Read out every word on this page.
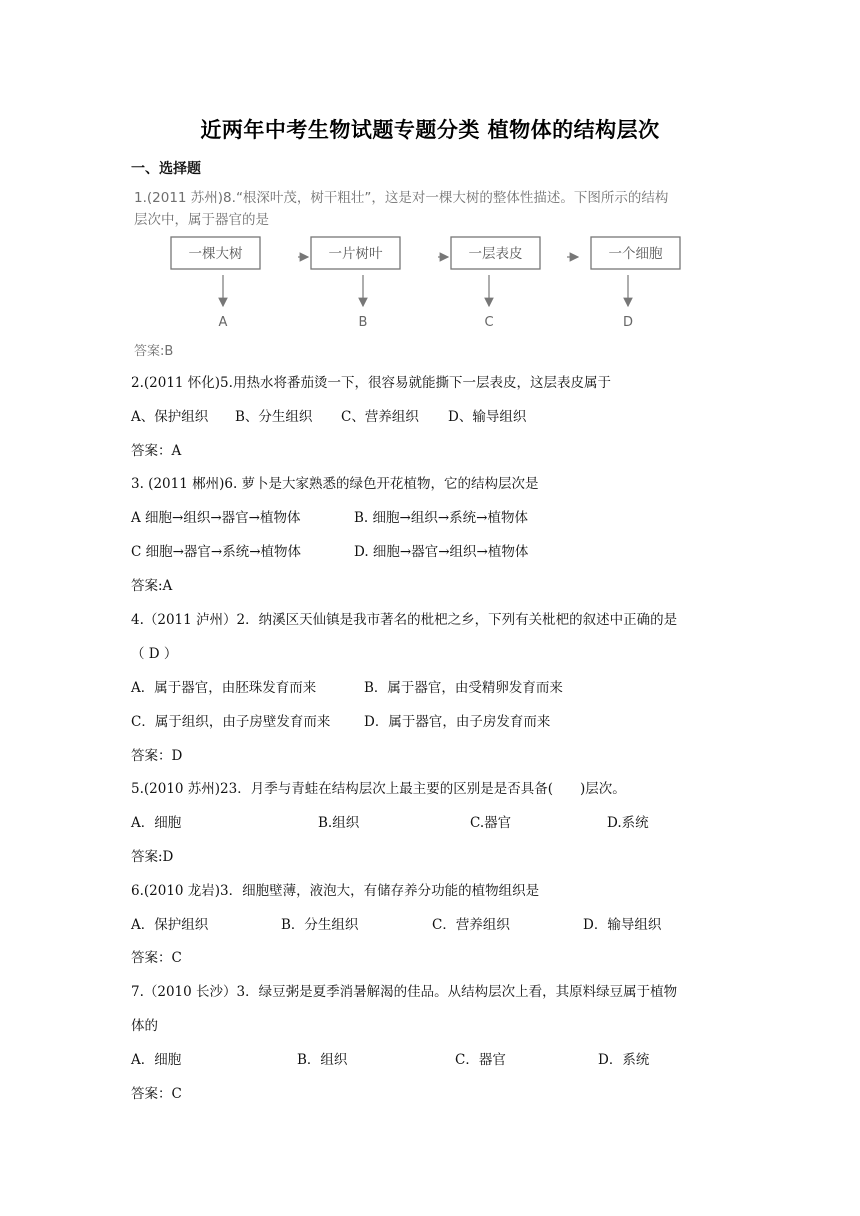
近两年中考生物试题专题分类 植物体的结构层次
一、选择题
1.(2011 苏州)8.“根深叶茂，树干粗壮”，这是对一棵大树的整体性描述。下图所示的结构
层次中，属于器官的是
一棵大树	一片树叶	一层表皮	一个细胞
A	B	C	D
答案:B
2.(2011 怀化)5.用热水将番茄烫一下，很容易就能撕下一层表皮，这层表皮属于
A、保护组织 B、分生组织 C、营养组织 D、输导组织
答案：A
3. (2011 郴州)6. 萝卜是大家熟悉的绿色开花植物，它的结构层次是
A 细胞→组织→器官→植物体	B. 细胞→组织→系统→植物体
C 细胞→器官→系统→植物体	D. 细胞→器官→组织→植物体
答案:A
4.（2011 泸州）2．纳溪区天仙镇是我市著名的枇杷之乡，下列有关枇杷的叙述中正确的是
（ D ）
A．属于器官，由胚珠发育而来	B．属于器官，由受精卵发育而来
C．属于组织，由子房壁发育而来 D．属于器官，由子房发育而来
答案：D
5.(2010 苏州)23．月季与青蛙在结构层次上最主要的区别是是否具备(　　)层次。
A．细胞	B.组织	C.器官	D.系统
答案:D
6.(2010 龙岩)3．细胞壁薄，液泡大，有储存养分功能的植物组织是
A．保护组织	B．分生组织	C．营养组织	D．输导组织
答案：C
7.（2010 长沙）3．绿豆粥是夏季消暑解渴的佳品。从结构层次上看，其原料绿豆属于植物
体的
A．细胞	B．组织	C．器官	D．系统
答案：C
